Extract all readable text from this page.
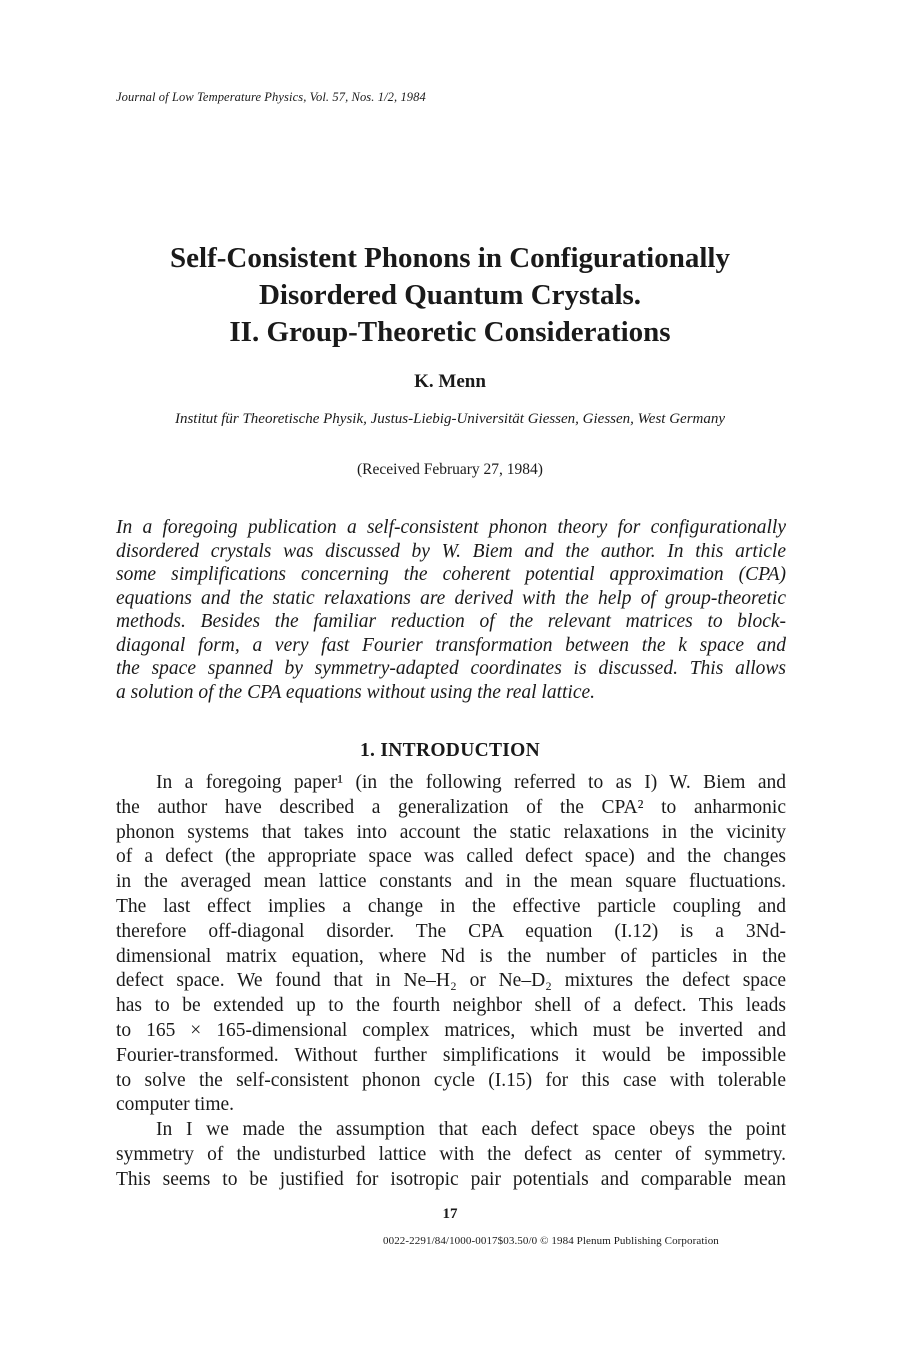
Journal of Low Temperature Physics, Vol. 57, Nos. 1/2, 1984
Self-Consistent Phonons in Configurationally
Disordered Quantum Crystals.
II. Group-Theoretic Considerations
K. Menn
Institut für Theoretische Physik, Justus-Liebig-Universität Giessen, Giessen, West Germany
(Received February 27, 1984)
In a foregoing publication a self-consistent phonon theory for configurationally
disordered crystals was discussed by W. Biem and the author. In this article
some simplifications concerning the coherent potential approximation (CPA)
equations and the static relaxations are derived with the help of group-theoretic
methods. Besides the familiar reduction of the relevant matrices to block-
diagonal form, a very fast Fourier transformation between the k space and
the space spanned by symmetry-adapted coordinates is discussed. This allows
a solution of the CPA equations without using the real lattice.
1. INTRODUCTION
In a foregoing paper¹ (in the following referred to as I) W. Biem and
the author have described a generalization of the CPA² to anharmonic
phonon systems that takes into account the static relaxations in the vicinity
of a defect (the appropriate space was called defect space) and the changes
in the averaged mean lattice constants and in the mean square fluctuations.
The last effect implies a change in the effective particle coupling and
therefore off-diagonal disorder. The CPA equation (I.12) is a 3Nd-
dimensional matrix equation, where Nd is the number of particles in the
defect space. We found that in Ne–H₂ or Ne–D₂ mixtures the defect space
has to be extended up to the fourth neighbor shell of a defect. This leads
to 165 × 165-dimensional complex matrices, which must be inverted and
Fourier-transformed. Without further simplifications it would be impossible
to solve the self-consistent phonon cycle (I.15) for this case with tolerable
computer time.
In I we made the assumption that each defect space obeys the point
symmetry of the undisturbed lattice with the defect as center of symmetry.
This seems to be justified for isotropic pair potentials and comparable mean
17
0022-2291/84/1000-0017$03.50/0 © 1984 Plenum Publishing Corporation
